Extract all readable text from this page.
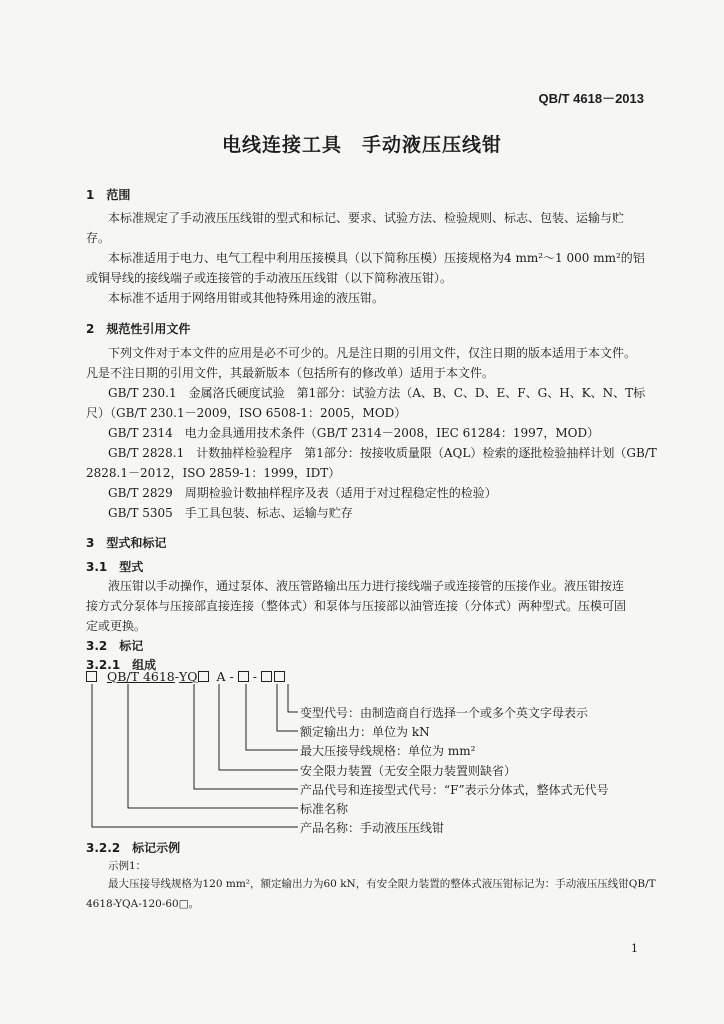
QB/T 4618－2013
电线连接工具　手动液压压线钳
1　范围
本标准规定了手动液压压线钳的型式和标记、要求、试验方法、检验规则、标志、包装、运输与贮
存。
本标准适用于电力、电气工程中利用压接模具（以下简称压模）压接规格为4 mm²～1 000 mm²的铝
或铜导线的接线端子或连接管的手动液压压线钳（以下简称液压钳）。
本标准不适用于网络用钳或其他特殊用途的液压钳。
2　规范性引用文件
下列文件对于本文件的应用是必不可少的。凡是注日期的引用文件，仅注日期的版本适用于本文件。
凡是不注日期的引用文件，其最新版本（包括所有的修改单）适用于本文件。
GB/T 230.1　金属洛氏硬度试验　第1部分：试验方法（A、B、C、D、E、F、G、H、K、N、T标
尺）（GB/T 230.1－2009，ISO 6508-1：2005，MOD）
GB/T 2314　电力金具通用技术条件（GB/T 2314－2008，IEC 61284：1997，MOD）
GB/T 2828.1　计数抽样检验程序　第1部分：按接收质量限（AQL）检索的逐批检验抽样计划（GB/T
2828.1－2012，ISO 2859-1：1999，IDT）
GB/T 2829　周期检验计数抽样程序及表（适用于对过程稳定性的检验）
GB/T 5305　手工具包装、标志、运输与贮存
3　型式和标记
3.1　型式
液压钳以手动操作，通过泵体、液压管路输出压力进行接线端子或连接管的压接作业。液压钳按连
接方式分泵体与压接部直接连接（整体式）和泵体与压接部以油管连接（分体式）两种型式。压模可固
定或更换。
3.2　标记
3.2.1　组成
QB/T 4618-YQ A - -
变型代号：由制造商自行选择一个或多个英文字母表示
额定输出力：单位为 kN
最大压接导线规格：单位为 mm²
安全限力装置（无安全限力装置则缺省）
产品代号和连接型式代号：“F”表示分体式，整体式无代号
标准名称
产品名称：手动液压压线钳
3.2.2　标记示例
示例1：
最大压接导线规格为120 mm²，额定输出力为60 kN，有安全限力装置的整体式液压钳标记为：手动液压压线钳QB/T
4618-YQA-120-60□。
1
